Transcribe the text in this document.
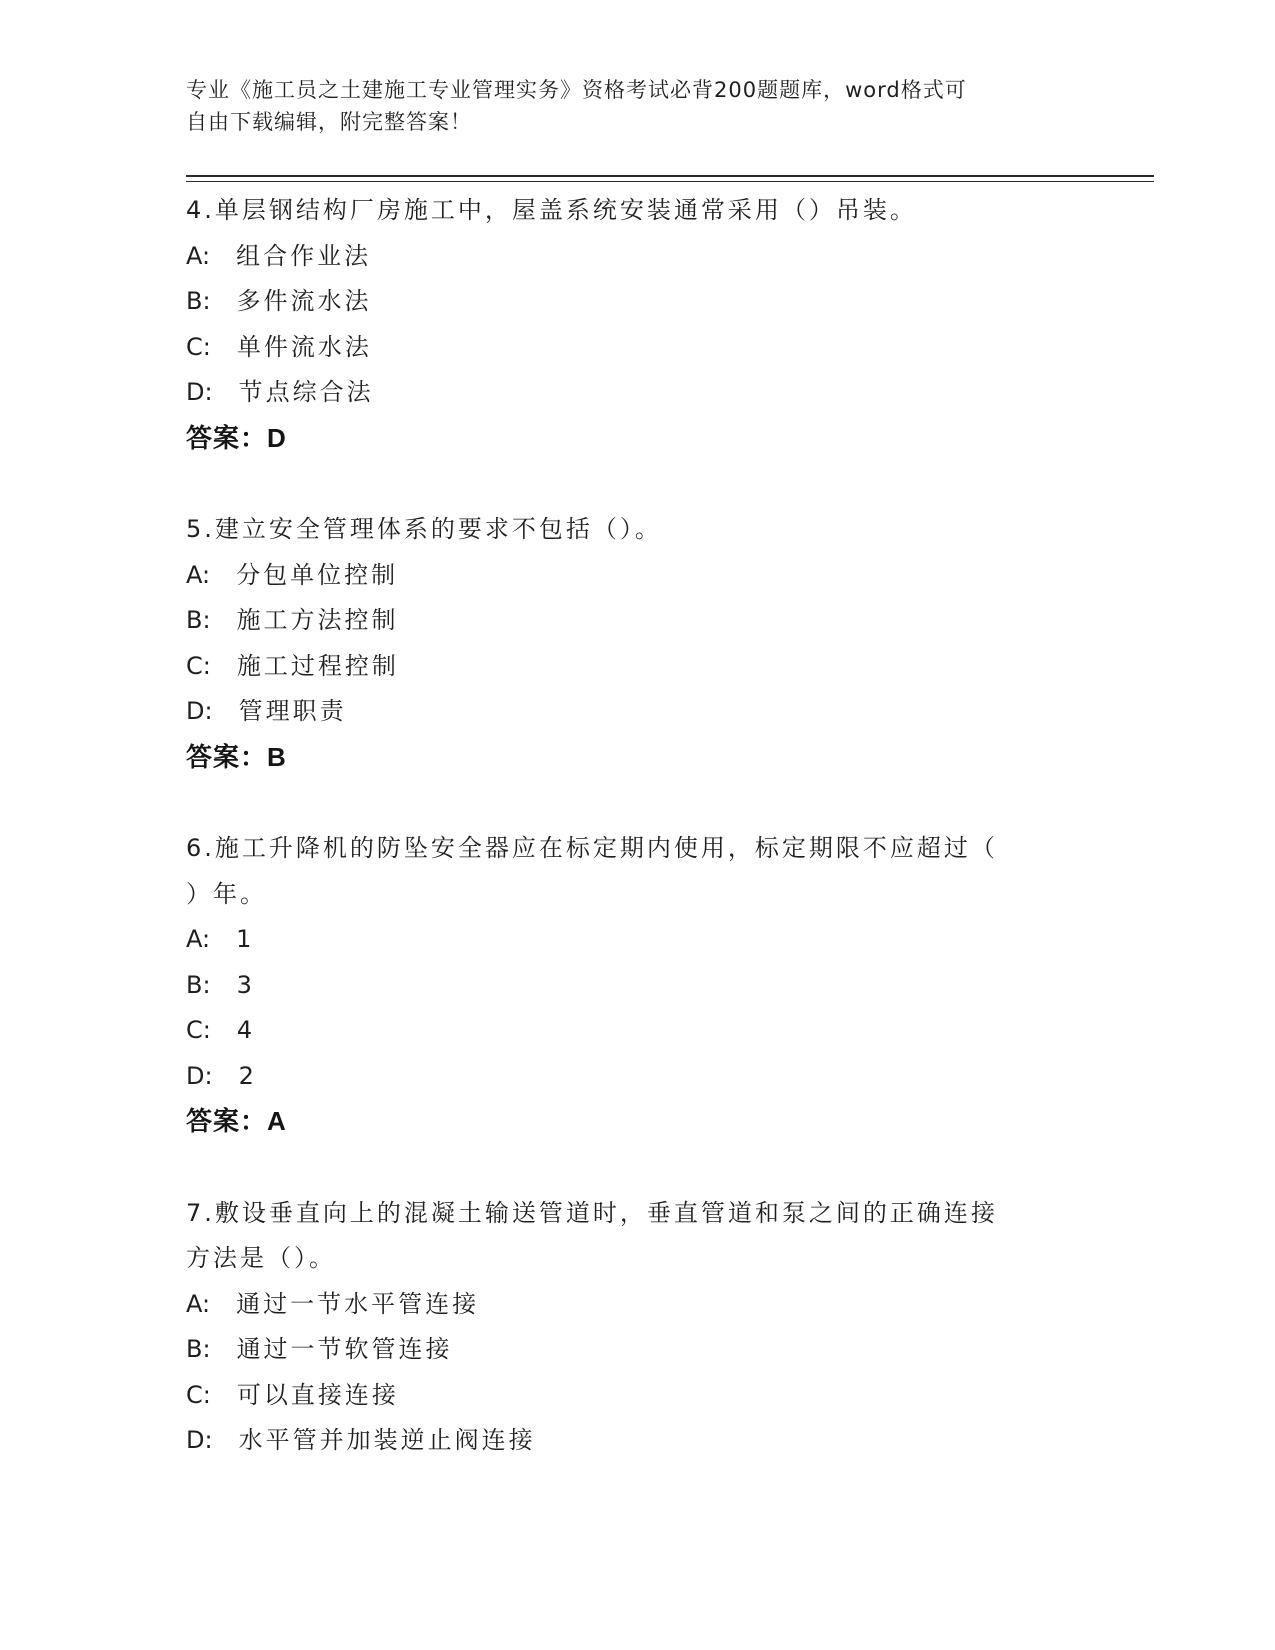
专业《施工员之土建施工专业管理实务》资格考试必背200题题库，word格式可
自由下载编辑，附完整答案！
4.单层钢结构厂房施工中，屋盖系统安装通常采用（）吊装。
A: 组合作业法
B: 多件流水法
C: 单件流水法
D: 节点综合法
答案：D
5.建立安全管理体系的要求不包括（）。
A: 分包单位控制
B: 施工方法控制
C: 施工过程控制
D: 管理职责
答案：B
6.施工升降机的防坠安全器应在标定期内使用，标定期限不应超过（
）年。
A: 1
B: 3
C: 4
D: 2
答案：A
7.敷设垂直向上的混凝土输送管道时，垂直管道和泵之间的正确连接
方法是（）。
A: 通过一节水平管连接
B: 通过一节软管连接
C: 可以直接连接
D: 水平管并加装逆止阀连接
